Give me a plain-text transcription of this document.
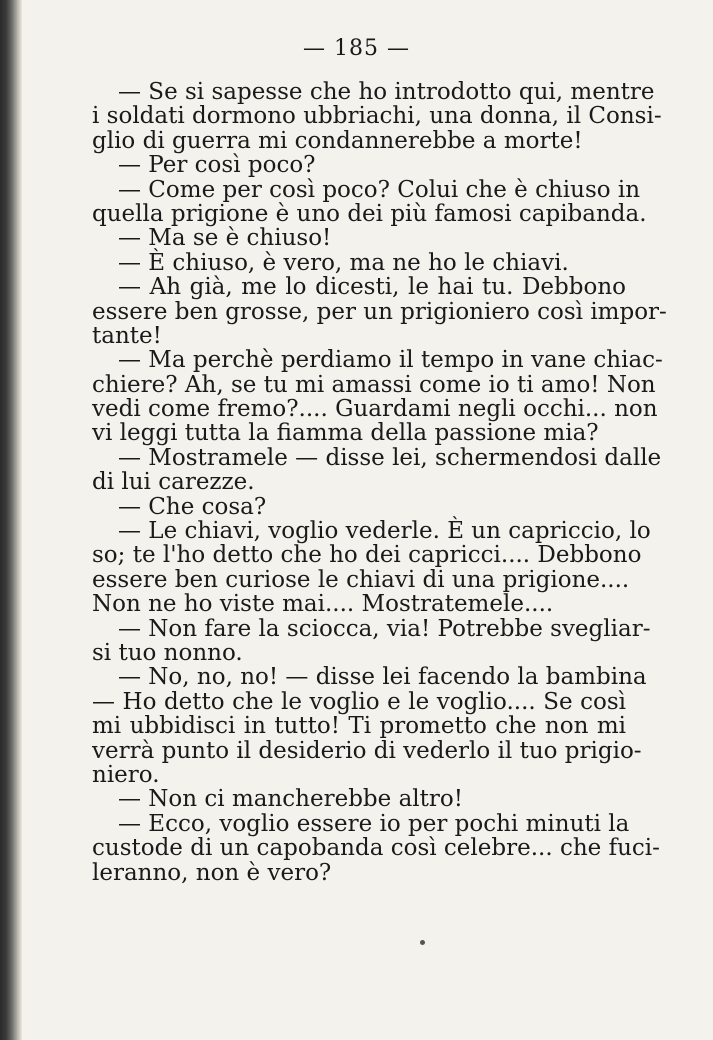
— 185 —
— Se si sapesse che ho introdotto qui, mentre
i soldati dormono ubbriachi, una donna, il Consi-
glio di guerra mi condannerebbe a morte!
— Per così poco?
— Come per così poco? Colui che è chiuso in
quella prigione è uno dei più famosi capibanda.
— Ma se è chiuso!
— È chiuso, è vero, ma ne ho le chiavi.
— Ah già, me lo dicesti, le hai tu. Debbono
essere ben grosse, per un prigioniero così impor-
tante!
— Ma perchè perdiamo il tempo in vane chiac-
chiere? Ah, se tu mi amassi come io ti amo! Non
vedi come fremo?.... Guardami negli occhi... non
vi leggi tutta la fiamma della passione mia?
— Mostramele — disse lei, schermendosi dalle
di lui carezze.
— Che cosa?
— Le chiavi, voglio vederle. È un capriccio, lo
so; te l'ho detto che ho dei capricci.... Debbono
essere ben curiose le chiavi di una prigione....
Non ne ho viste mai.... Mostratemele....
— Non fare la sciocca, via! Potrebbe svegliar-
si tuo nonno.
— No, no, no! — disse lei facendo la bambina
— Ho detto che le voglio e le voglio.... Se così
mi ubbidisci in tutto! Ti prometto che non mi
verrà punto il desiderio di vederlo il tuo prigio-
niero.
— Non ci mancherebbe altro!
— Ecco, voglio essere io per pochi minuti la
custode di un capobanda così celebre... che fuci-
leranno, non è vero?
